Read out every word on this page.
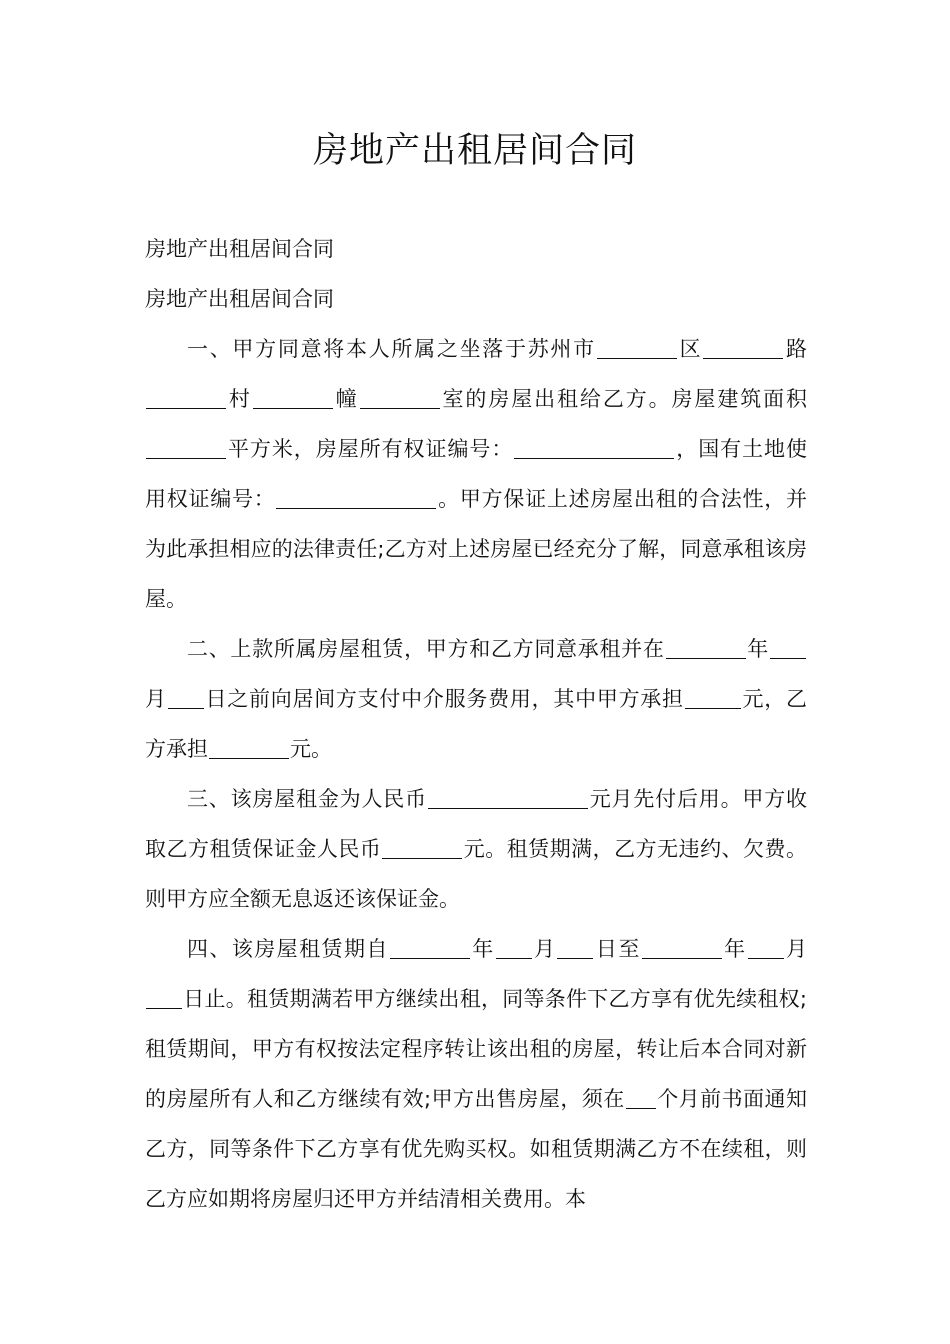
房地产出租居间合同

房地产出租居间合同

房地产出租居间合同

一、甲方同意将本人所属之坐落于苏州市	区	路村	幢	室的房屋出租给乙方。房屋建筑面积平方米，房屋所有权证编号：	，国有土地使用权证编号：	。甲方保证上述房屋出租的合法性，并为此承担相应的法律责任;乙方对上述房屋已经充分了解，同意承租该房屋。

二、上款所属房屋租赁，甲方和乙方同意承租并在	年月 日之前向居间方支付中介服务费用，其中甲方承担	元，乙方承担	元。

三、该房屋租金为人民币	元月先付后用。甲方收取乙方租赁保证金人民币	元。租赁期满，乙方无违约、欠费。则甲方应全额无息返还该保证金。

四、该房屋租赁期自	年 月 日至	年 月日止。租赁期满若甲方继续出租，同等条件下乙方享有优先续租权;租赁期间，甲方有权按法定程序转让该出租的房屋，转让后本合同对新的房屋所有人和乙方继续有效;甲方出售房屋，须在 个月前书面通知乙方，同等条件下乙方享有优先购买权。如租赁期满乙方不在续租，则乙方应如期将房屋归还甲方并结清相关费用。本
